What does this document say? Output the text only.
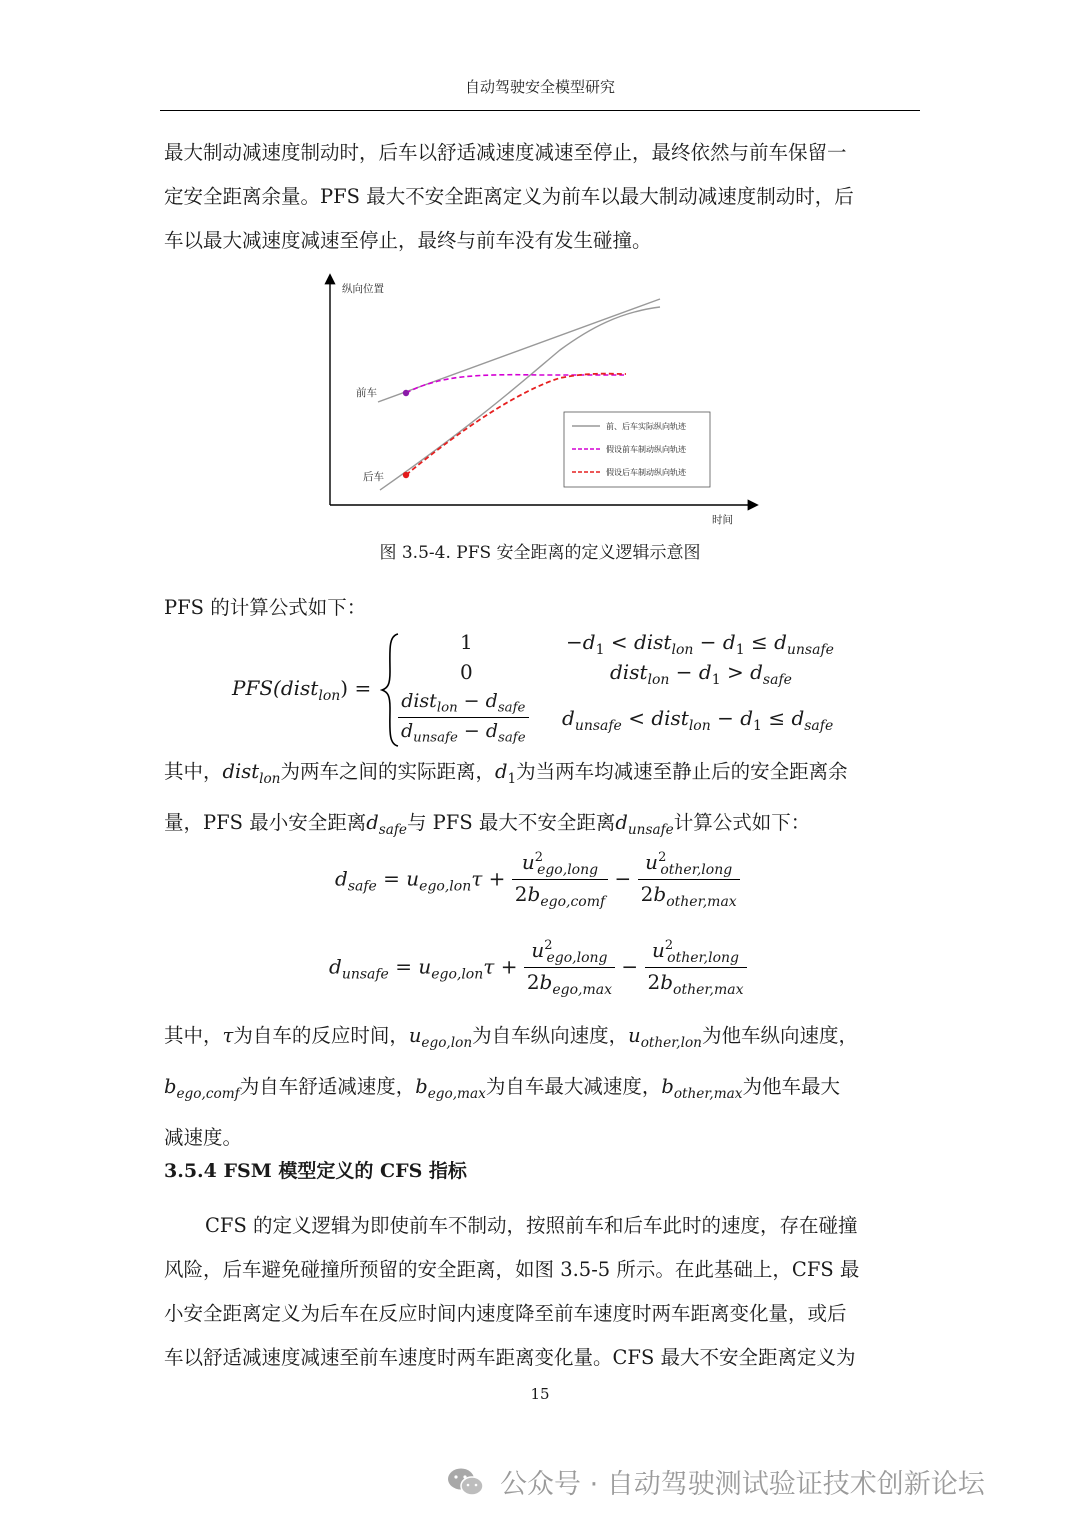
自动驾驶安全模型研究

最大制动减速度制动时，后车以舒适减速度减速至停止，最终依然与前车保留一

定安全距离余量。PFS 最大不安全距离定义为前车以最大制动减速度制动时，后

车以最大减速度减速至停止，最终与前车没有发生碰撞。

纵向位置
时间
前车
后车
前、后车实际纵向轨迹
假设前车制动纵向轨迹
假设后车制动纵向轨迹
图 3.5-4. PFS 安全距离的定义逻辑示意图
PFS 的计算公式如下：
PFS(dist$_{lon}$) =
1
0
$\frac{dist_{lon} - d_{safe}}{d_{unsafe} - d_{safe}}$
$-d_1$ < dist$_{lon}$ − $d_1 \le d_{unsafe}$
dist$_{lon}$ − $d_1 > d_{safe}$
$d_{unsafe}$ < dist$_{lon}$ − $d_1 \le d_{safe}$

其中，dist$_{lon}$为两车之间的实际距离，$d_1$为当两车均减速至静止后的安全距离余

量，PFS 最小安全距离$d_{safe}$与 PFS 最大不安全距离$d_{unsafe}$计算公式如下：

$d_{safe} = u_{ego,lon}\tau + \frac{u^2_{ego,long}}{2b_{ego,comf}} - \frac{u^2_{other,long}}{2b_{other,max}}$
$d_{unsafe} = u_{ego,lon}\tau + \frac{u^2_{ego,long}}{2b_{ego,max}} - \frac{u^2_{other,long}}{2b_{other,max}}$

其中，τ为自车的反应时间，$u_{ego,lon}$为自车纵向速度，$u_{other,lon}$为他车纵向速度，

$b_{ego,comf}$为自车舒适减速度，$b_{ego,max}$为自车最大减速度，$b_{other,max}$为他车最大

减速度。

3.5.4 FSM 模型定义的 CFS 指标

CFS 的定义逻辑为即使前车不制动，按照前车和后车此时的速度，存在碰撞

风险，后车避免碰撞所预留的安全距离，如图 3.5-5 所示。在此基础上，CFS 最

小安全距离定义为后车在反应时间内速度降至前车速度时两车距离变化量，或后

车以舒适减速度减速至前车速度时两车距离变化量。CFS 最大不安全距离定义为

15
公众号 · 自动驾驶测试验证技术创新论坛
